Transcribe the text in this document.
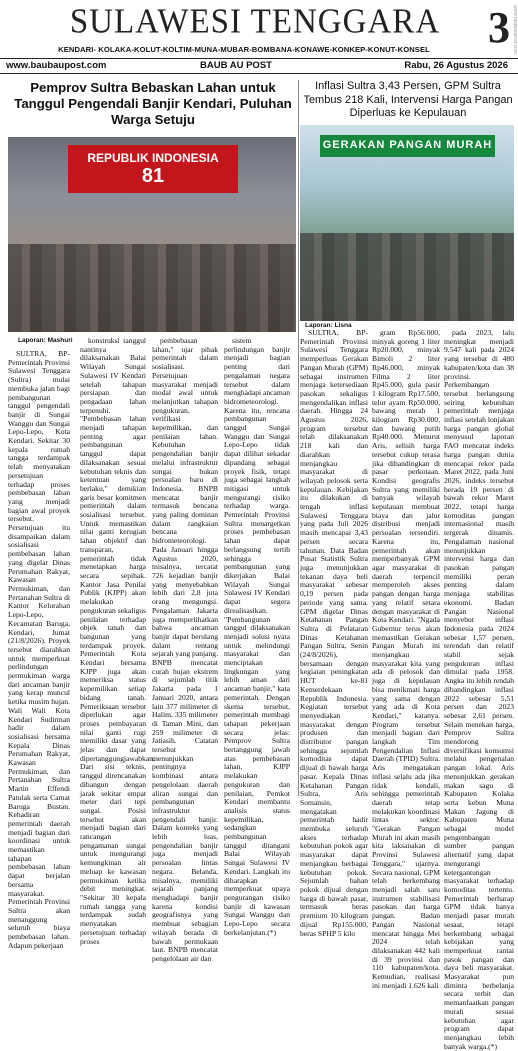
SULAWESI TENGGARA
KENDARI- KOLAKA-KOLUT-KOLTIM-MUNA-MUBAR-BOMBANA-KONAWE-KONKEP-KONUT-KONSEL	3 www.baubaupost.com
www.baubaupost.com	BAUB AU POST	Rabu, 26 Agustus 2026
Pemprov Sultra Bebaskan Lahan untuk Tanggul Pengendali Banjir Kendari, Puluhan Warga Setuju
Inflasi Sultra 3,43 Persen, GPM Sultra Tembus 218 Kali, Intervensi Harga Pangan Diperluas ke Kepulauan
REPUBLIK INDONESIA
81
GERAKAN PANGAN MURAH
Laporan: Mashuri
Laporan: Lisna

SULTRA, BP- Pemerintah Provinsi Sulawesi Tenggara (Sultra) mulai membuka jalan bagi pembangunan tanggul pengendali banjir di Sungai Wanggu dan Sungai Lepo-Lepo, Kota Kendari. Sekitar 30 kepala rumah tangga terdampak telah menyatakan persetujuan terhadap proses pembebasan lahan yang menjadi bagian awal proyek tersebut. Persetujuan itu disampaikan dalam sosialisasi pembebasan lahan yang digelar Dinas Perumahan Rakyat, Kawasan Permukiman, dan Pertanahan Sultra di Kantor Kelurahan Lepo-Lepo, Kecamatan Baruga, Kendari, Jumat (21/8/2026). Proyek tersebut diarahkan untuk memperkuat perlindungan permukiman warga dari ancaman banjir yang kerap muncul ketika musim hujan. Wali Wali Kota Kendari Sudirman hadir dalam sosialisasi bersama Kepala Dinas Perumahan Rakyat, Kawasan Permukiman, dan Pertanahan Sultra Martin Effendi Patulak serta Camat Baruga Bustan. Kehadiran pemerintah daerah menjadi bagian dari koordinasi untuk memastikan tahapan pembebasan lahan dapat berjalan bersama masyarakat. Pemerintah Provinsi Sultra akan menanggung seluruh biaya pembebasan lahan. Adapun pekerjaan

konstruksi tanggul nantinya dilaksanakan Balai Wilayah Sungai Sulawesi IV Kendari setelah tahapan persiapan dan pengadaan lahan terpenuhi. "Pembebasan lahan menjadi tahapan penting agar pembangunan tanggul dapat dilaksanakan sesuai kebutuhan teknis dan ketentuan yang berlaku," demikian garis besar komitmen pemerintah dalam sosialisasi tersebut. Untuk memastikan nilai ganti kerugian lahan objektif dan transparan, pemerintah tidak menetapkan harga secara sepihak. Kantor Jasa Penilai Publik (KJPP) akan melakukan pengukuran sekaligus penilaian terhadap objek tanah dan bangunan yang terdampak proyek. Pemerintah Kota Kendari bersama KJPP juga akan memeriksa status kepemilikan setiap bidang tanah. Pemeriksaan tersebut diperlukan agar proses pembayaran nilai ganti rugi memiliki dasar yang jelas dan dapat dipertanggungjawabkan. Dari sisi teknis, tanggul direncanakan dibangun dengan jarak sekitar empat meter dari tepi sungai. Posisi tersebut akan menjadi bagian dari rancangan pengamanan sungai untuk mengurangi kemungkinan air meluap ke kawasan permukiman ketika debit meningkat. "Sekitar 30 kepala rumah tangga yang terdampak sudah menyatakan persetujuan terhadap proses

pembebasan lahan," ujar pihak pemerintah dalam sosialisasi. Persetujuan masyarakat menjadi modal awal untuk melanjutkan tahapan pengukuran, verifikasi kepemilikan, dan penilaian lahan. Kebutuhan pengendalian banjir melalui infrastruktur sungai bukan persoalan baru di Indonesia. BNPB mencatat banjir termasuk bencana yang paling dominan dalam rangkaian bencana hidrometeorologi. Pada Januari hingga Agustus 2020, misalnya, tercatat 726 kejadian banjir yang menyebabkan lebih dari 2,8 juta orang mengungsi. Pengalaman Jakarta juga memperlihatkan bahwa ancaman banjir dapat berulang dalam rentang sejarah yang panjang. BNPB mencatat curah hujan ekstrem di sejumlah titik Jakarta pada 1 Januari 2020, antara lain 377 milimeter di Halim, 335 milimeter di Taman Mini, dan 259 milimeter di Jatiasih. Catatan tersebut menunjukkan pentingnya kombinasi antara pengelolaan daerah aliran sungai dan pembangunan infrastruktur pengendali banjir. Dalam konteks yang lebih luas, pengendalian banjir juga menjadi persoalan lintas negara. Belanda, misalnya, memiliki sejarah panjang menghadapi banjir karena kondisi geografisnya yang membuat sebagian wilayah berada di bawah permukaan laut. BNPB mencatat pengelolaan air dan

sistem perlindungan banjir menjadi bagian penting dari pengalaman negara tersebut dalam menghadapi ancaman hidrometeorologi. Karena itu, rencana pembangunan tanggul Sungai Wanggu dan Sungai Lepo-Lepo tidak dapat dilihat sekadar dipandang sebagai proyek fisik, tetapi juga sebagai langkah mitigasi untuk mengurangi risiko terhadap warga. Pemerintah Provinsi Sultra menargetkan proses pembebasan lahan dapat berlangsung tertib sehingga pembangunan yang dikerjakan Balai Wilayah Sungai Sulawesi IV Kendari dapat segera direalisasikan. "Pembangunan tanggul dilaksanakan menjadi solusi nyata untuk melindungi masyarakat dan menciptakan lingkungan yang lebih aman dari ancaman banjir," kata pemerintah. Dengan skema tersebut, pemerintah membagi tahapan pekerjaan secara jelas: Pemprov Sultra bertanggung jawab atas pembebasan lahan, KJPP melakukan pengukuran dan penilaian, Pemkot Kendari membantu analisis status kepemilikan, sedangkan pembangunan tanggul ditangani Balai Wilayah Sungai Sulawesi IV Kendari. Langkah itu diharapkan memperkuat upaya pengurangan risiko banjir di kawasan Sungai Wanggu dan Lepo-Lepo secara berkelanjutan.(*)

SULTRA, BP- Pemerintah Provinsi Sulawesi Tenggara memperluas Gerakan Pangan Murah (GPM) sebagai instrumen menjaga ketersediaan pasokan sekaligus mengendalikan inflasi daerah. Hingga 24 Agustus 2026, program tersebut telah dilaksanakan 218 kali dan diarahkan menjangkau masyarakat di wilayah pelosok serta kepulauan. Kebijakan itu dilakukan di tengah inflasi Sulawesi Tenggara yang pada Juli 2026 masih mencapai 3,43 persen secara tahunan. Data Badan Pusat Statistik Sultra juga menunjukkan tekanan daya beli masyarakat sebesar 0,19 persen pada periode yang sama. GPM digelar Dinas Ketahanan Pangan Sultra di Pelataran Dinas Ketahanan Pangan Sultra, Senin (24/8/2026), bersamaan dengan kegiatan peningkatan HUT ke-81 Kemerdekaan Republik Indonesia. Kegiatan tersebut menyediakan masyarakat dengan produsen dan distributor pangan sehingga sejumlah komoditas dapat dijual di bawah harga pasar. Kepala Dinas Ketahanan Pangan Sultra, Aris Somansin, mengatakan pemerintah hadir membuka seluruh akses terhadap kebutuhan pokok agar masyarakat dapat menjangkau berbagai kebutuhan pokok. Sejumlah bahan pokok dijual dengan harga di bawah pasar, termasuk beras premium 10 kilogram dijual Rp155.000, beras SPHP 5 kilo

gram Rp56.000, minyak goreng 1 liter Rp20.000, minyak Bimoli 2 liter Rp46.000, minyak Filma 2 liter Rp45.000, gula pasir 1 kilogram Rp17.500, telur ayam Rp50.000, bawang merah 1 kilogram Rp30.000, dan bawang putih Rp40.000. Menurut Aris, selisih harga tersebut cukup terasa jika dibandingkan di pasar perkotaan. Kondisi geografis Sultra yang memiliki banyak wilayah kepulauan membuat biaya dan jalur distribusi menjadi persoalan tersendiri. Karena itu, pemerintah akan memperbanyak GPM agar masyarakat di daerah terpencil memperoleh akses pangan dengan harga yang relatif setara dengan masyarakat di Kota Kendari. "Ngada Gubernur terus akan memastikan Gerakan Pangan Murah ini menjangkau masyarakat kita yang ada di pelosok dan juga di kepulauan bisa menikmati harga yang sama dengan yang ada di Kota Kendari," katanya. Program tersebut menjadi bagian dari langkah Tim Pengendalian Inflasi Daerah (TPID) Sultra. Aris mengatakan inflasi selalu ada jika tidak kendali, sehingga pemerintah daerah tetap melakukan koordinasi lintas sektor. "Gerakan Pangan Murah ini akan masih kita laksanakan di Provinsi Sulawesi Tenggara," ujarnya. Secara nasional, GPM telah berkembang menjadi salah satu instrumen stabilisasi pasokan dan harga pangan. Badan Pangan Nasional mencatat hingga Mei 2024 telah dilaksanakan 442 kali di 39 provinsi dan 110 kabupaten/kota. Kemudian, realisasi ini menjadi 1.626 kali

pada 2023, lalu meningkat menjadi 9.547 kali pada 2024 yang tersebar di 480 kabupaten/kota dan 38 provinsi. Perkembangan tersebut berlangsung seiring kebutuhan pemerintah menjaga inflasi setelah lonjakan harga pangan global menyusul laporan FAO mencatat indeks harga pangan dunia mencapai rekor pada Maret 2022, pada Juni 2026, indeks tersebut berada 19 persen di bawah rekor Maret 2022, tetapi harga komoditas pangan internasional masih tergerak dinamis. Pengalaman nasional menunjukkan intervensi harga dan pasokan pangan memiliki peran penting dalam menjaga stabilitas ekonomi. Badan Pangan Nasional menyebut inflasi Indonesia pada 2024 sebesar 1,57 persen, terendah dan relatif stabil sejak pengukuran inflasi dimulai pada 1958. Angka itu lebih rendah dibandingkan inflasi 2022 sebesar 5,51 persen dan 2023 sebesar 2,61 persen. Selain menekan harga, Pemprov Sultra mendorong diversifikasi konsumsi melalui pengenalan pangan lokal. Aris menunjukkan gerakan makan sagu di Kabupaten Kolaka serta kebun Muna Makan Jagung di Kabupaten Muna sebagai model pengembangan sumber pangan alternatif yang dapat mengurangi ketergantungan masyarakat terhadap komoditas tertentu. Pemerintah berharap GPM tidak hanya menjadi pasar murah sesaat, tetapi berkembang sebagai kebijakan yang memperkuat rantai pasok pangan dan daya beli masyarakat. Masyarakat pun diminta berbelanja secara terbit dan memanfaatkan pangan murah sesuai kebutuhan agar program dapat menjangkau lebih banyak warga.(*)
